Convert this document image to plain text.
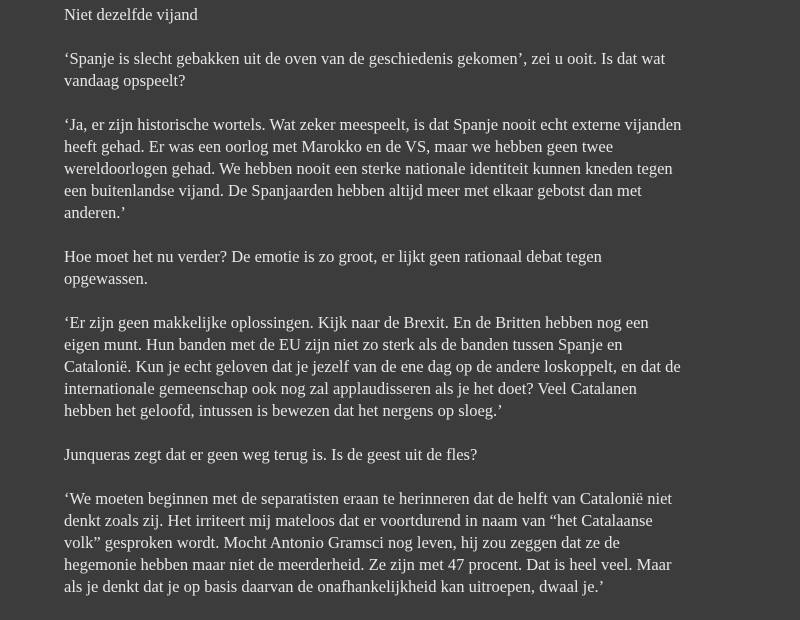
Niet dezelfde vijand

‘Spanje is slecht gebakken uit de oven van de geschiedenis gekomen’, zei u ooit. Is dat wat
vandaag opspeelt?

‘Ja, er zijn historische wortels. Wat zeker meespeelt, is dat Spanje nooit echt externe vijanden
heeft gehad. Er was een oorlog met Marokko en de VS, maar we hebben geen twee
wereldoorlogen gehad. We hebben nooit een sterke nationale identiteit kunnen kneden tegen
een buitenlandse vijand. De Spanjaarden hebben altijd meer met elkaar gebotst dan met
anderen.’

Hoe moet het nu verder? De emotie is zo groot, er lijkt geen rationaal debat tegen
opgewassen.

‘Er zijn geen makkelijke oplossingen. Kijk naar de Brexit. En de Britten hebben nog een
eigen munt. Hun banden met de EU zijn niet zo sterk als de banden tussen Spanje en
Catalonië. Kun je echt geloven dat je jezelf van de ene dag op de andere loskoppelt, en dat de
internationale gemeenschap ook nog zal applaudisseren als je het doet? Veel Catalanen
hebben het geloofd, intussen is bewezen dat het nergens op sloeg.’

Junqueras zegt dat er geen weg terug is. Is de geest uit de fles?

‘We moeten beginnen met de separatisten eraan te herinneren dat de helft van Catalonië niet
denkt zoals zij. Het irriteert mij mateloos dat er voortdurend in naam van “het Catalaanse
volk” gesproken wordt. Mocht Antonio Gramsci nog leven, hij zou zeggen dat ze de
hegemonie hebben maar niet de meerderheid. Ze zijn met 47 procent. Dat is heel veel. Maar
als je denkt dat je op basis daarvan de onafhankelijkheid kan uitroepen, dwaal je.’
